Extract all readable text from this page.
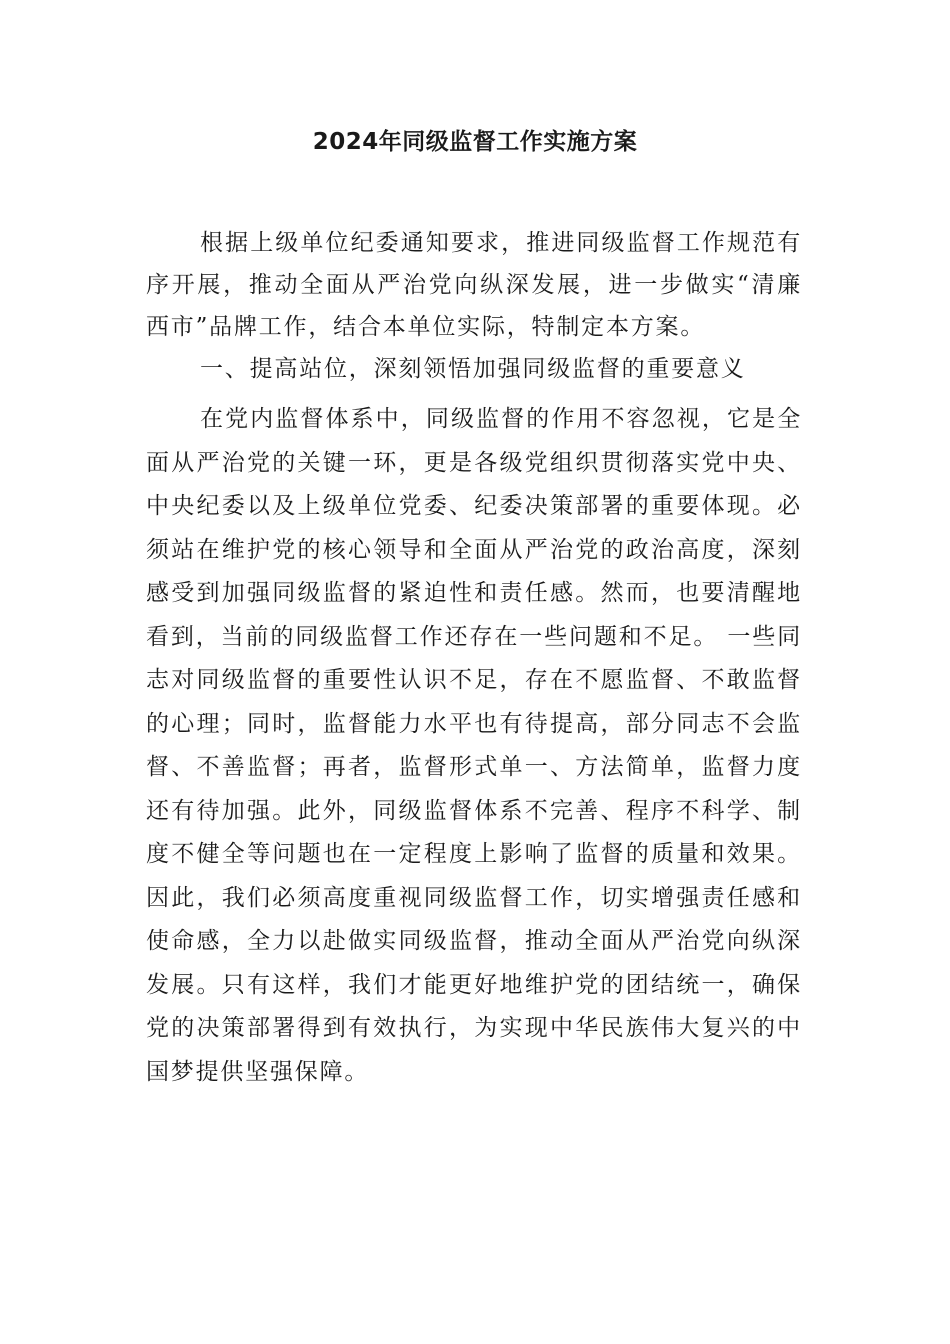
2024年同级监督工作实施方案

根据上级单位纪委通知要求，推进同级监督工作规范有序开展，推动全面从严治党向纵深发展，进一步做实“清廉西市”品牌工作，结合本单位实际，特制定本方案。

一、提高站位，深刻领悟加强同级监督的重要意义

在党内监督体系中，同级监督的作用不容忽视，它是全面从严治党的关键一环，更是各级党组织贯彻落实党中央、中央纪委以及上级单位党委、纪委决策部署的重要体现。必须站在维护党的核心领导和全面从严治党的政治高度，深刻感受到加强同级监督的紧迫性和责任感。然而，也要清醒地看到，当前的同级监督工作还存在一些问题和不足。 一些同志对同级监督的重要性认识不足，存在不愿监督、不敢监督的心理；同时，监督能力水平也有待提高，部分同志不会监督、不善监督；再者，监督形式单一、方法简单，监督力度还有待加强。此外，同级监督体系不完善、程序不科学、制度不健全等问题也在一定程度上影响了监督的质量和效果。因此，我们必须高度重视同级监督工作，切实增强责任感和使命感，全力以赴做实同级监督，推动全面从严治党向纵深发展。只有这样，我们才能更好地维护党的团结统一，确保党的决策部署得到有效执行，为实现中华民族伟大复兴的中国梦提供坚强保障。
